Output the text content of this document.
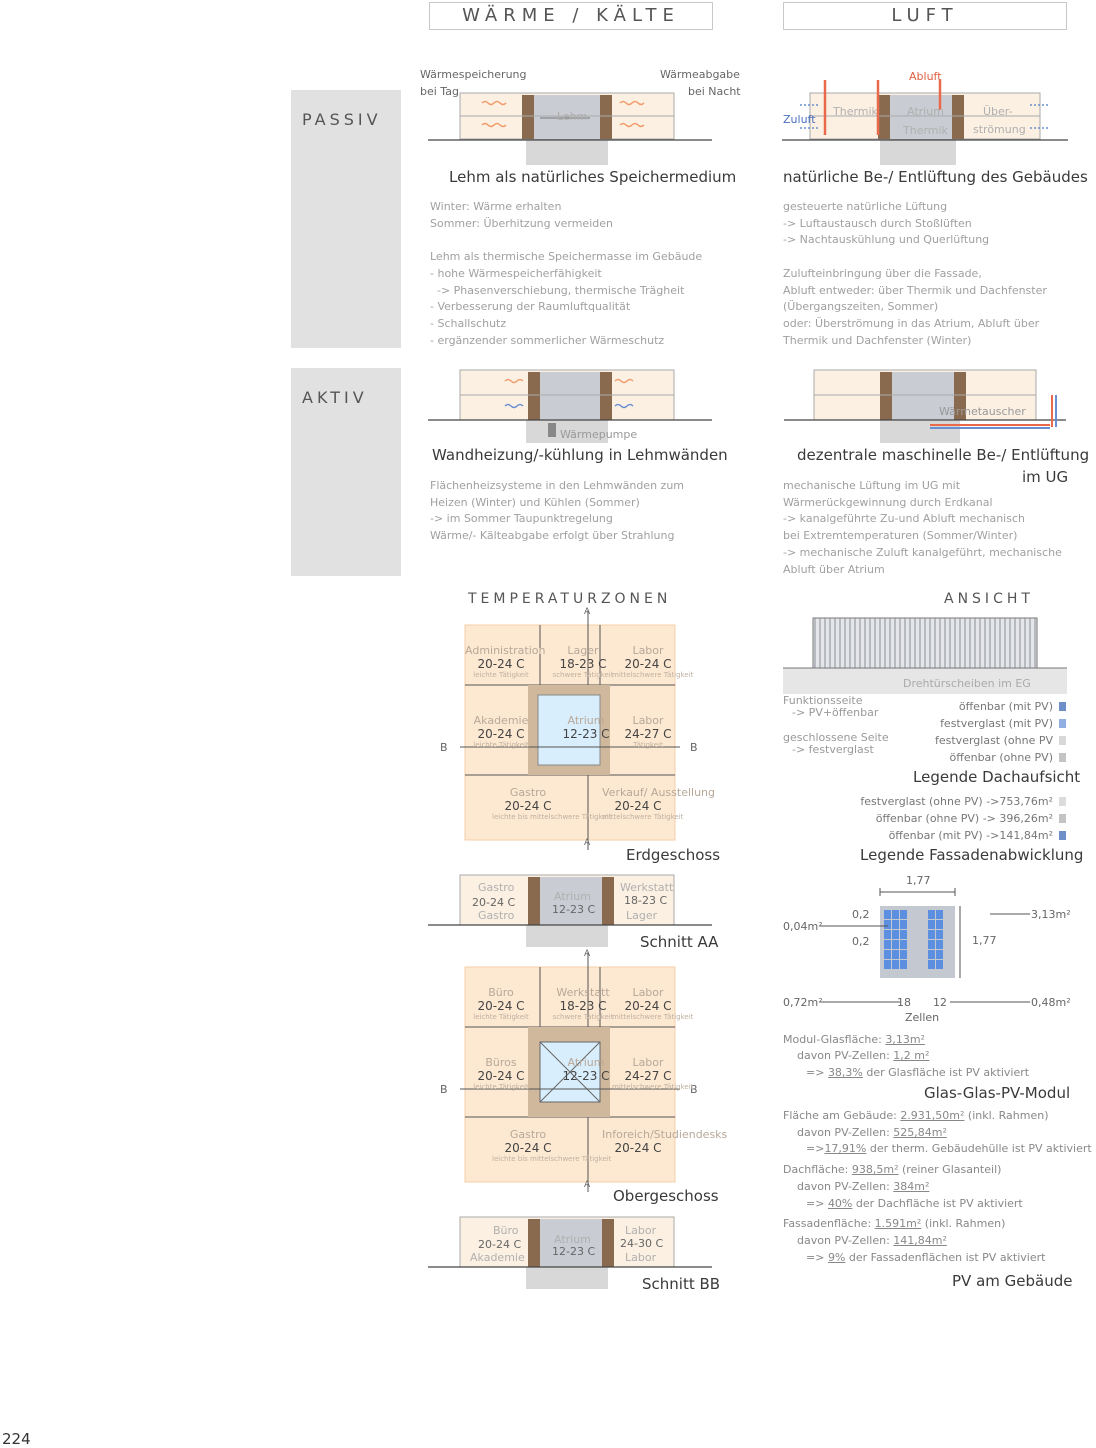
WÄRME / KÄLTE	LUFT
PASSIV
AKTIV
Wärmespeicherung
bei Tag
Wärmeabgabe
bei Nacht
Lehm
Lehm als natürliches Speichermedium
Winter: Wärme erhalten
Sommer: Überhitzung vermeiden

Lehm als thermische Speichermasse im Gebäude
- hohe Wärmespeicherfähigkeit
-> Phasenverschiebung, thermische Trägheit
- Verbesserung der Raumluftqualität
- Schallschutz
- ergänzender sommerlicher Wärmeschutz
Abluft
Zuluft
Thermik	Atrium
Thermik
Über-
strömung
natürliche Be-/ Entlüftung des Gebäudes
gesteuerte natürliche Lüftung
-> Luftaustausch durch Stoßlüften
-> Nachtauskühlung und Querlüftung

Zulufteinbringung über die Fassade,
Abluft entweder: über Thermik und Dachfenster
(Übergangszeiten, Sommer)
oder: Überströmung in das Atrium, Abluft über
Thermik und Dachfenster (Winter)
Wärmepumpe
Wandheizung/-kühlung in Lehmwänden
Flächenheizsysteme in den Lehmwänden zum
Heizen (Winter) und Kühlen (Sommer)
-> im Sommer Taupunktregelung
Wärme/- Kälteabgabe erfolgt über Strahlung
Wärmetauscher
dezentrale maschinelle Be-/ Entlüftung
im UG
mechanische Lüftung im UG mit
Wärmerückgewinnung durch Erdkanal
-> kanalgeführte Zu-und Abluft mechanisch
bei Extremtemperaturen (Sommer/Winter)
-> mechanische Zuluft kanalgeführt, mechanische
Abluft über Atrium
TEMPERATURZONEN
A
A
B	B
Administration
20-24 C
leichte Tätigkeit
Lager
18-23 C
schwere Tätigkeit
Labor
20-24 C
mittelschwere Tätigkeit
Akademie
20-24 C
leichte Tätigkeit
Atrium
12-23 C
Labor
24-27 C
Tätigkeit
Gastro
20-24 C
leichte bis mittelschwere Tätigkeit
Verkauf/ Ausstellung
20-24 C
mittelschwere Tätigkeit
Erdgeschoss
Gastro
20-24 C
Gastro
Atrium
12-23 C
Werkstatt
18-23 C
Lager
Schnitt AA
A
A
B	B
Büro
20-24 C
leichte Tätigkeit
Werkstatt
18-23 C
schwere Tätigkeit
Labor
20-24 C
mittelschwere Tätigkeit
Büros
20-24 C
leichte Tätigkeit
Atrium
12-23 C
Labor
24-27 C
mittelschwere Tätigkeit
Gastro
20-24 C
leichte bis mittelschwere Tätigkeit
Inforeich/Studiendesks
20-24 C
Obergeschoss
Büro
20-24 C
Akademie
Atrium
12-23 C
Labor
24-30 C
Labor
Schnitt BB
ANSICHT
Drehtürscheiben im EG
Funktionsseite
-> PV+öffenbar
geschlossene Seite
-> festverglast
öffenbar (mit PV)
festverglast (mit PV)
festverglast (ohne PV
öffenbar (ohne PV)
Legende Dachaufsicht
festverglast (ohne PV) ->753,76m²
öffenbar (ohne PV) -> 396,26m²
öffenbar (mit PV) ->141,84m²
Legende Fassadenabwicklung
1,77
0,2
0,04m²
0,2
3,13m²
1,77
0,72m²	18 12	0,48m²
Zellen
Modul-Glasfläche: 3,13m²
davon PV-Zellen: 1,2 m²
=> 38,3% der Glasfläche ist PV aktiviert
Glas-Glas-PV-Modul
Fläche am Gebäude: 2.931,50m² (inkl. Rahmen)
davon PV-Zellen: 525,84m²
=>17,91% der therm. Gebäudehülle ist PV aktiviert
Dachfläche: 938,5m² (reiner Glasanteil)
davon PV-Zellen: 384m²
=> 40% der Dachfläche ist PV aktiviert
Fassadenfläche: 1.591m² (inkl. Rahmen)
davon PV-Zellen: 141,84m²
=> 9% der Fassadenflächen ist PV aktiviert
PV am Gebäude
224
